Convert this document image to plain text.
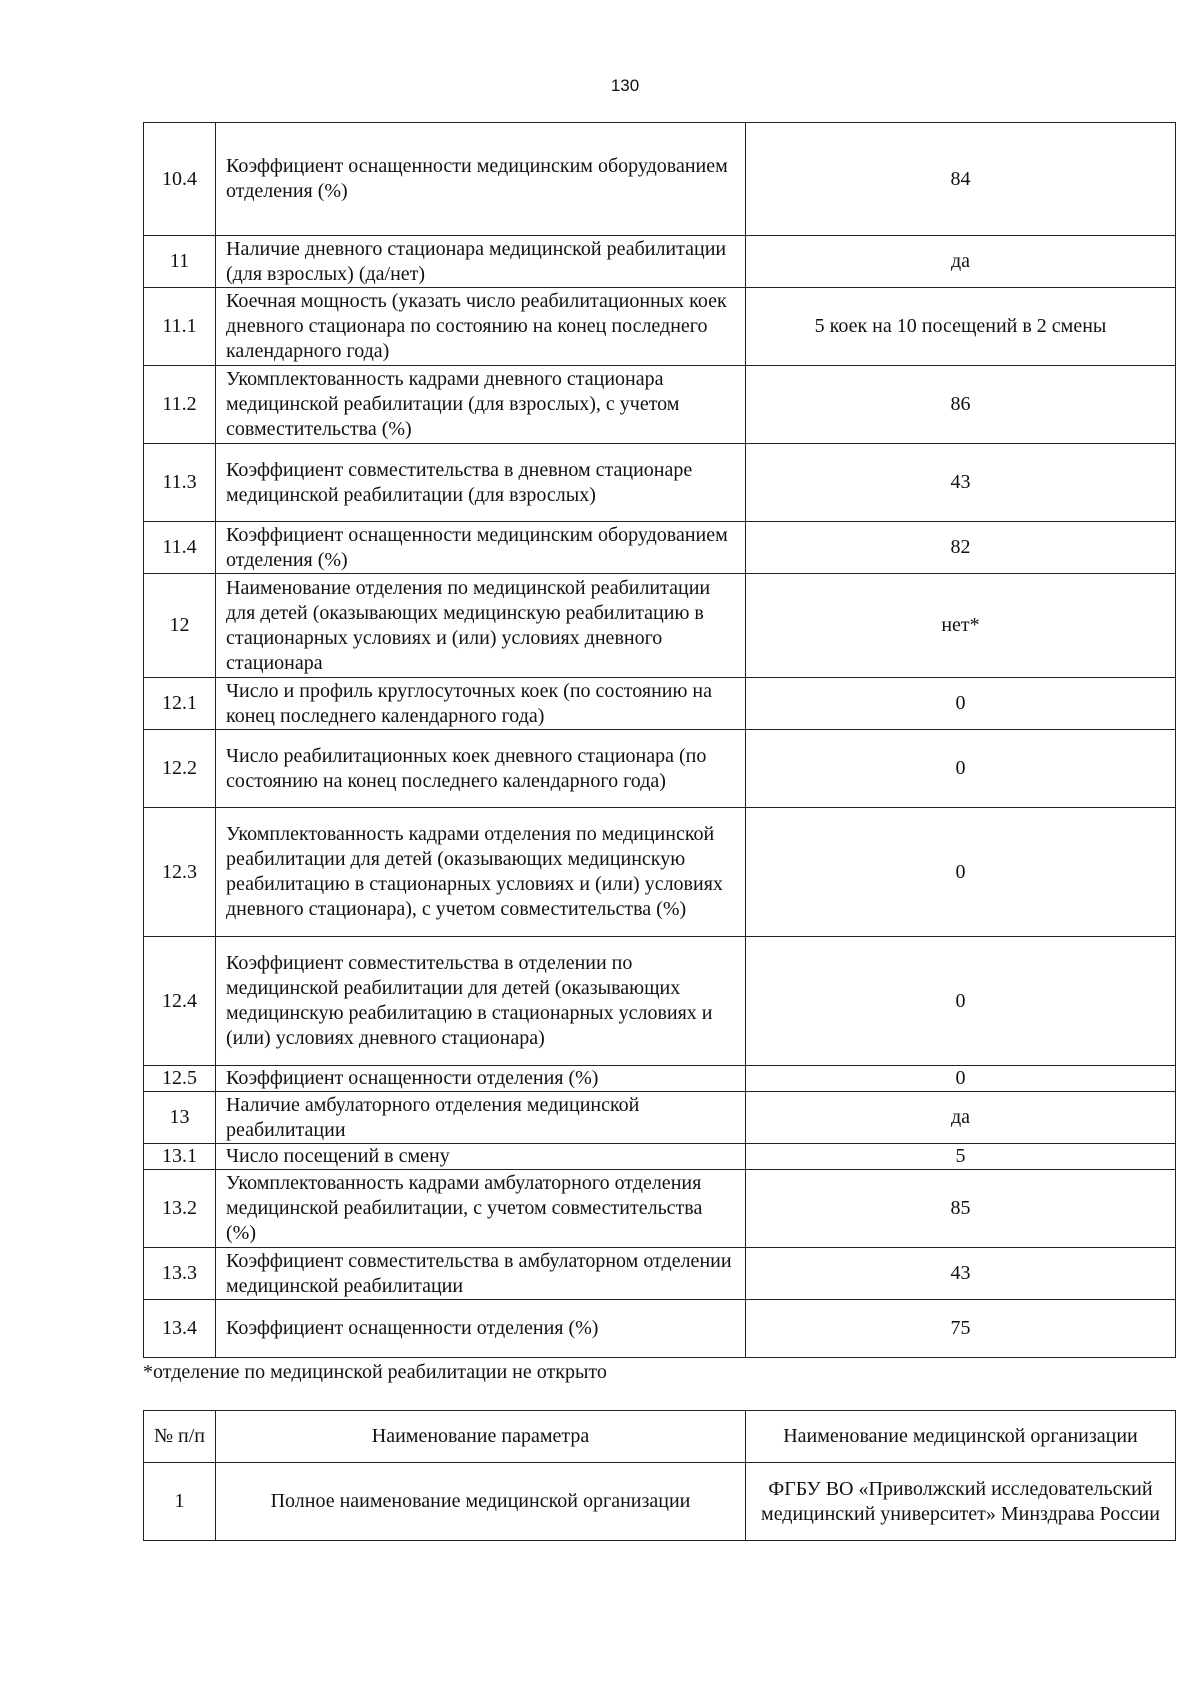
130
10.4	Коэффициент оснащенности медицинским оборудованием отделения (%)	84
11	Наличие дневного стационара медицинской реабилитации (для взрослых) (да/нет)	да
11.1	Коечная мощность (указать число реабилитационных коек дневного стационара по состоянию на конец последнего календарного года)	5 коек на 10 посещений в 2 смены
11.2	Укомплектованность кадрами дневного стационара медицинской реабилитации (для взрослых), с учетом совместительства (%)	86
11.3	Коэффициент совместительства в дневном стационаре медицинской реабилитации (для взрослых)	43
11.4	Коэффициент оснащенности медицинским оборудованием отделения (%)	82
12	Наименование отделения по медицинской реабилитации для детей (оказывающих медицинскую реабилитацию в стационарных условиях и (или) условиях дневного стационара	нет*
12.1	Число и профиль круглосуточных коек (по состоянию на конец последнего календарного года)	0
12.2	Число реабилитационных коек дневного стационара (по состоянию на конец последнего календарного года)	0
12.3	Укомплектованность кадрами отделения по медицинской реабилитации для детей (оказывающих медицинскую реабилитацию в стационарных условиях и (или) условиях дневного стационара), с учетом совместительства (%)	0
12.4	Коэффициент совместительства в отделении по медицинской реабилитации для детей (оказывающих медицинскую реабилитацию в стационарных условиях и (или) условиях дневного стационара)	0
12.5	Коэффициент оснащенности отделения (%)	0
13	Наличие амбулаторного отделения медицинской реабилитации	да
13.1	Число посещений в смену	5
13.2	Укомплектованность кадрами амбулаторного отделения медицинской реабилитации, с учетом совместительства (%)	85
13.3	Коэффициент совместительства в амбулаторном отделении медицинской реабилитации	43
13.4	Коэффициент оснащенности отделения (%)	75
*отделение по медицинской реабилитации не открыто
№ п/п	Наименование параметра	Наименование медицинской организации
1	Полное наименование медицинской организации	ФГБУ ВО «Приволжский исследовательский медицинский университет» Минздрава России
